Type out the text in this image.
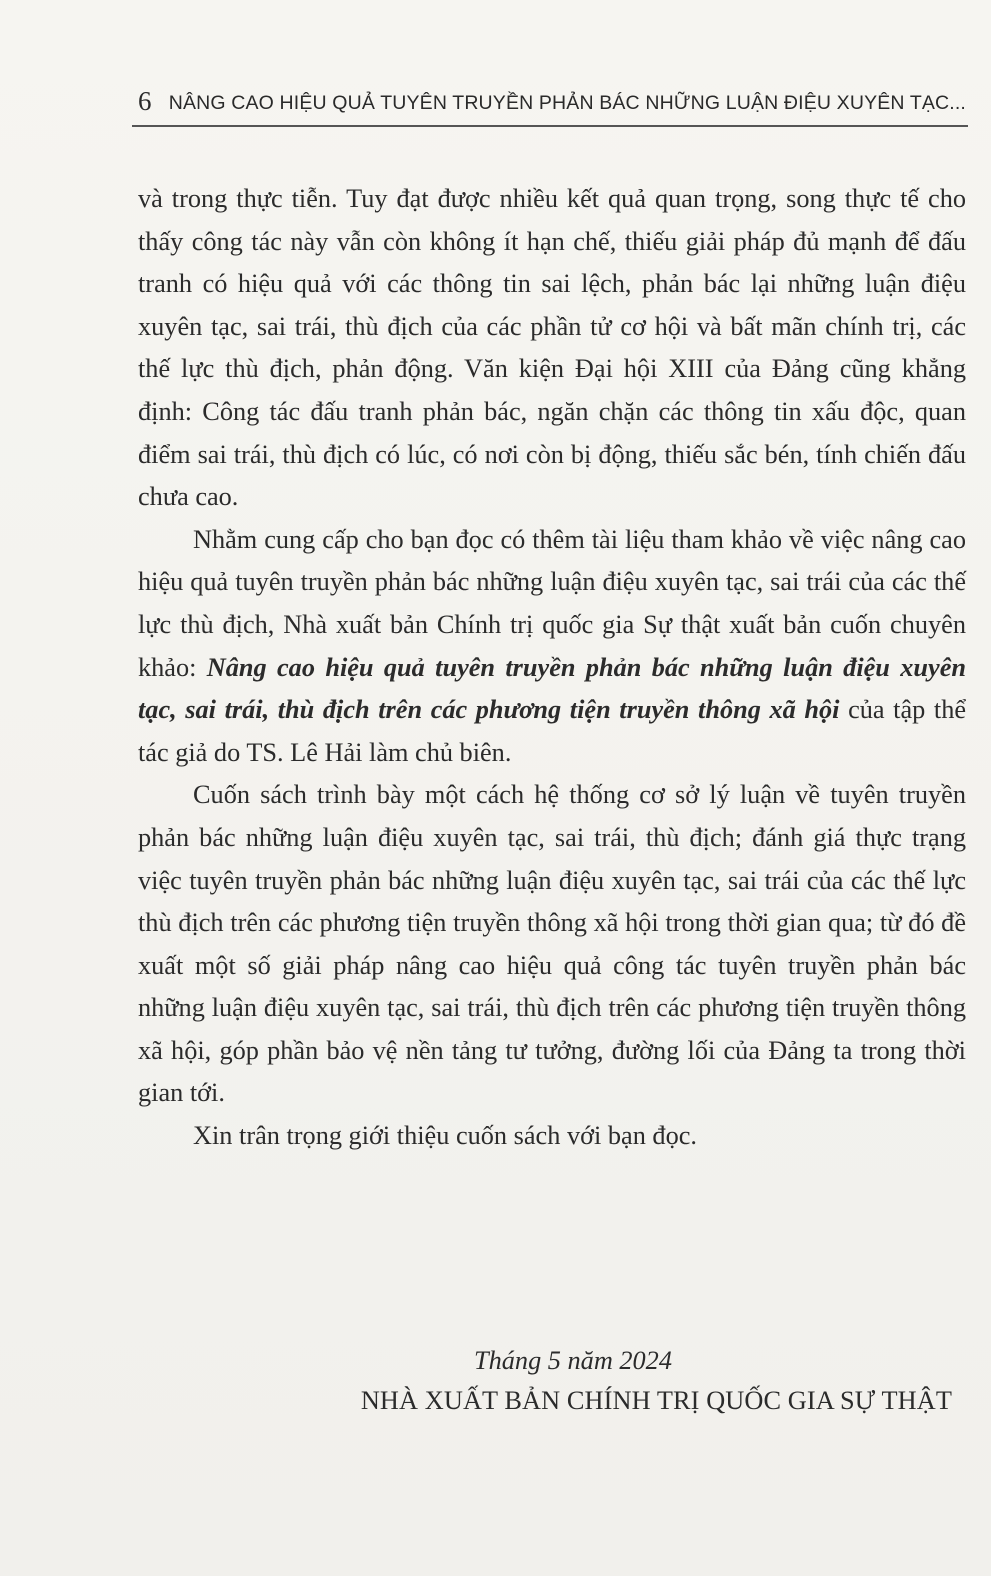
6 NÂNG CAO HIỆU QUẢ TUYÊN TRUYỀN PHẢN BÁC NHỮNG LUẬN ĐIỆU XUYÊN TẠC...

và trong thực tiễn. Tuy đạt được nhiều kết quả quan trọng, song thực tế cho thấy công tác này vẫn còn không ít hạn chế, thiếu giải pháp đủ mạnh để đấu tranh có hiệu quả với các thông tin sai lệch, phản bác lại những luận điệu xuyên tạc, sai trái, thù địch của các phần tử cơ hội và bất mãn chính trị, các thế lực thù địch, phản động. Văn kiện Đại hội XIII của Đảng cũng khẳng định: Công tác đấu tranh phản bác, ngăn chặn các thông tin xấu độc, quan điểm sai trái, thù địch có lúc, có nơi còn bị động, thiếu sắc bén, tính chiến đấu chưa cao.

Nhằm cung cấp cho bạn đọc có thêm tài liệu tham khảo về việc nâng cao hiệu quả tuyên truyền phản bác những luận điệu xuyên tạc, sai trái của các thế lực thù địch, Nhà xuất bản Chính trị quốc gia Sự thật xuất bản cuốn chuyên khảo: Nâng cao hiệu quả tuyên truyền phản bác những luận điệu xuyên tạc, sai trái, thù địch trên các phương tiện truyền thông xã hội của tập thể tác giả do TS. Lê Hải làm chủ biên.

Cuốn sách trình bày một cách hệ thống cơ sở lý luận về tuyên truyền phản bác những luận điệu xuyên tạc, sai trái, thù địch; đánh giá thực trạng việc tuyên truyền phản bác những luận điệu xuyên tạc, sai trái của các thế lực thù địch trên các phương tiện truyền thông xã hội trong thời gian qua; từ đó đề xuất một số giải pháp nâng cao hiệu quả công tác tuyên truyền phản bác những luận điệu xuyên tạc, sai trái, thù địch trên các phương tiện truyền thông xã hội, góp phần bảo vệ nền tảng tư tưởng, đường lối của Đảng ta trong thời gian tới.

Xin trân trọng giới thiệu cuốn sách với bạn đọc.

Tháng 5 năm 2024
NHÀ XUẤT BẢN CHÍNH TRỊ QUỐC GIA SỰ THẬT
